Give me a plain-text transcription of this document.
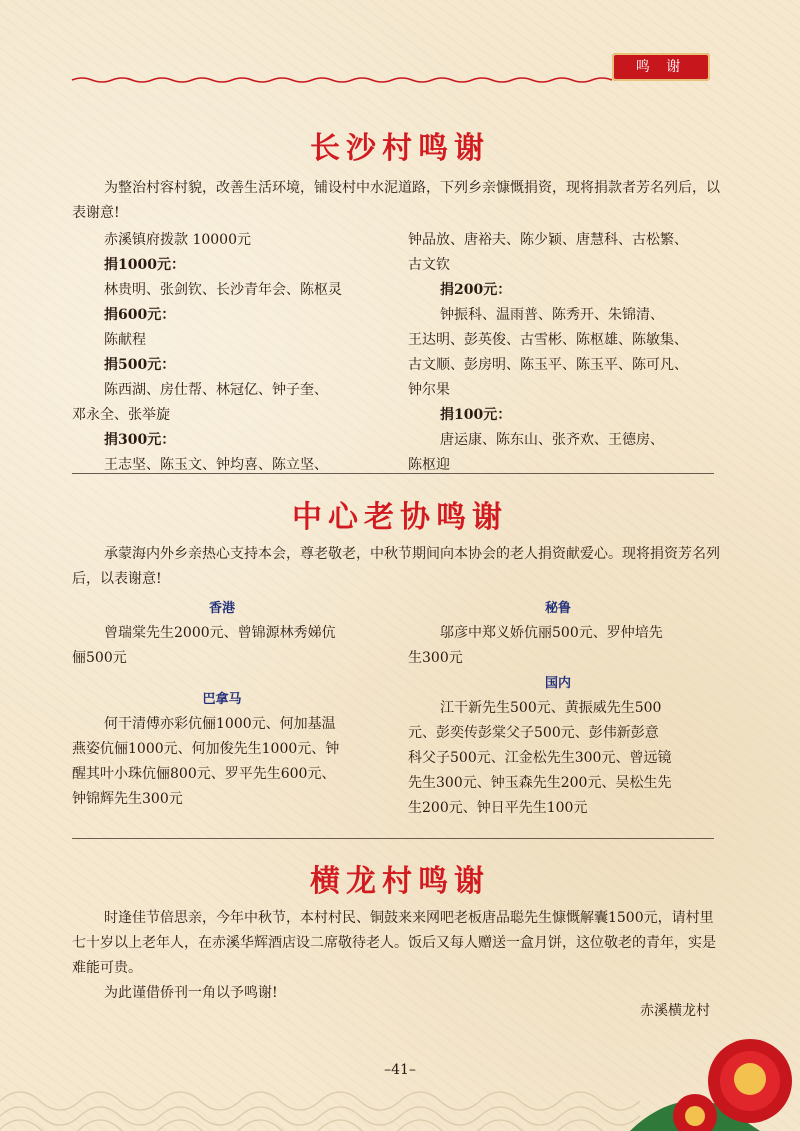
鸣 谢
长沙村鸣谢
为整治村容村貌，改善生活环境，铺设村中水泥道路，下列乡亲慷慨捐资，现将捐款者芳名列后，以表谢意!
赤溪镇府拨款 10000元
捐1000元：
林贵明、张剑钦、长沙青年会、陈枢灵
捐600元：
陈献程
捐500元：
陈西湖、房仕帮、林冠亿、钟子奎、
邓永全、张举旋
捐300元：
王志坚、陈玉文、钟均喜、陈立坚、
钟品放、唐裕夫、陈少颖、唐慧科、古松繁、
古文钦
捐200元：
钟振科、温雨普、陈秀开、朱锦清、
王达明、彭英俊、古雪彬、陈枢雄、陈敏集、
古文顺、彭房明、陈玉平、陈玉平、陈可凡、
钟尔果
捐100元：
唐运康、陈东山、张齐欢、王德房、
陈枢迎
中心老协鸣谢
承蒙海内外乡亲热心支持本会，尊老敬老，中秋节期间向本协会的老人捐资献爱心。现将捐资芳名列后，以表谢意!
香港
曾瑞棠先生2000元、曾锦源林秀娣伉
俪500元
巴拿马
何干清傅亦彩伉俪1000元、何加基温
燕姿伉俪1000元、何加俊先生1000元、钟
醒其叶小珠伉俪800元、罗平先生600元、
钟锦辉先生300元
秘鲁
邬彦中郑义娇伉丽500元、罗仲培先
生300元
国内
江干新先生500元、黄振威先生500
元、彭奕传彭棠父子500元、彭伟新彭意
科父子500元、江金松先生300元、曾远镜
先生300元、钟玉森先生200元、吴松生先
生200元、钟日平先生100元
横龙村鸣谢
时逢佳节倍思亲，今年中秋节，本村村民、铜鼓来来网吧老板唐品聪先生慷慨解囊1500元，请村里七十岁以上老年人，在赤溪华辉酒店设二席敬待老人。饭后又每人赠送一盒月饼，这位敬老的青年，实是难能可贵。
为此谨借侨刊一角以予鸣谢!
赤溪横龙村
–41–
